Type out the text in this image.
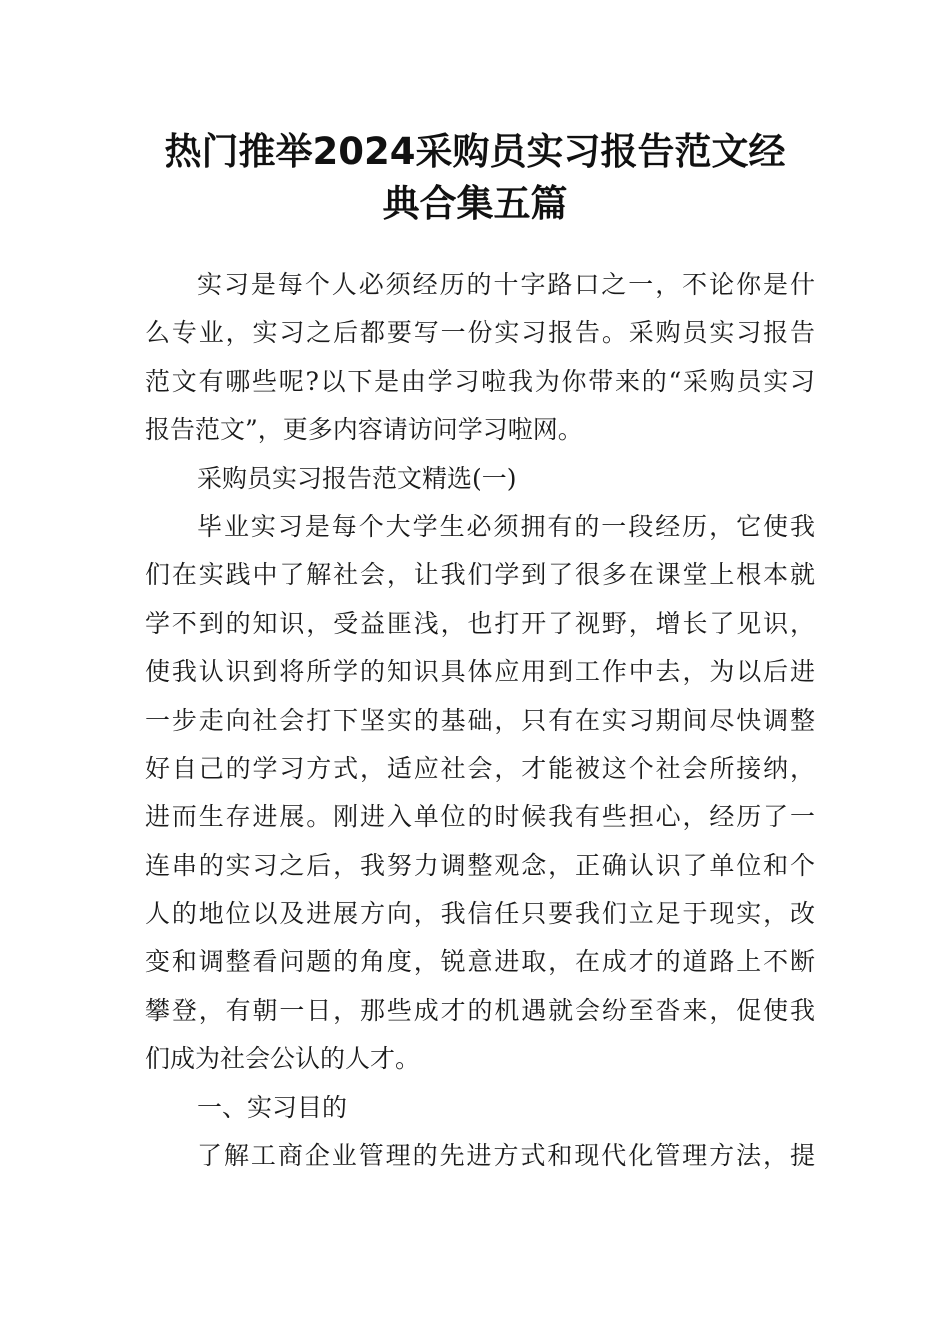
热门推举2024采购员实习报告范文经
典合集五篇
实习是每个人必须经历的十字路口之一，不论你是什
么专业，实习之后都要写一份实习报告。采购员实习报告
范文有哪些呢?以下是由学习啦我为你带来的“采购员实习
报告范文”，更多内容请访问学习啦网。
采购员实习报告范文精选(一)
毕业实习是每个大学生必须拥有的一段经历，它使我
们在实践中了解社会，让我们学到了很多在课堂上根本就
学不到的知识，受益匪浅，也打开了视野，增长了见识，
使我认识到将所学的知识具体应用到工作中去，为以后进
一步走向社会打下坚实的基础，只有在实习期间尽快调整
好自己的学习方式，适应社会，才能被这个社会所接纳，
进而生存进展。刚进入单位的时候我有些担心，经历了一
连串的实习之后，我努力调整观念，正确认识了单位和个
人的地位以及进展方向，我信任只要我们立足于现实，改
变和调整看问题的角度，锐意进取，在成才的道路上不断
攀登，有朝一日，那些成才的机遇就会纷至沓来，促使我
们成为社会公认的人才。
一、实习目的
了解工商企业管理的先进方式和现代化管理方法，提
